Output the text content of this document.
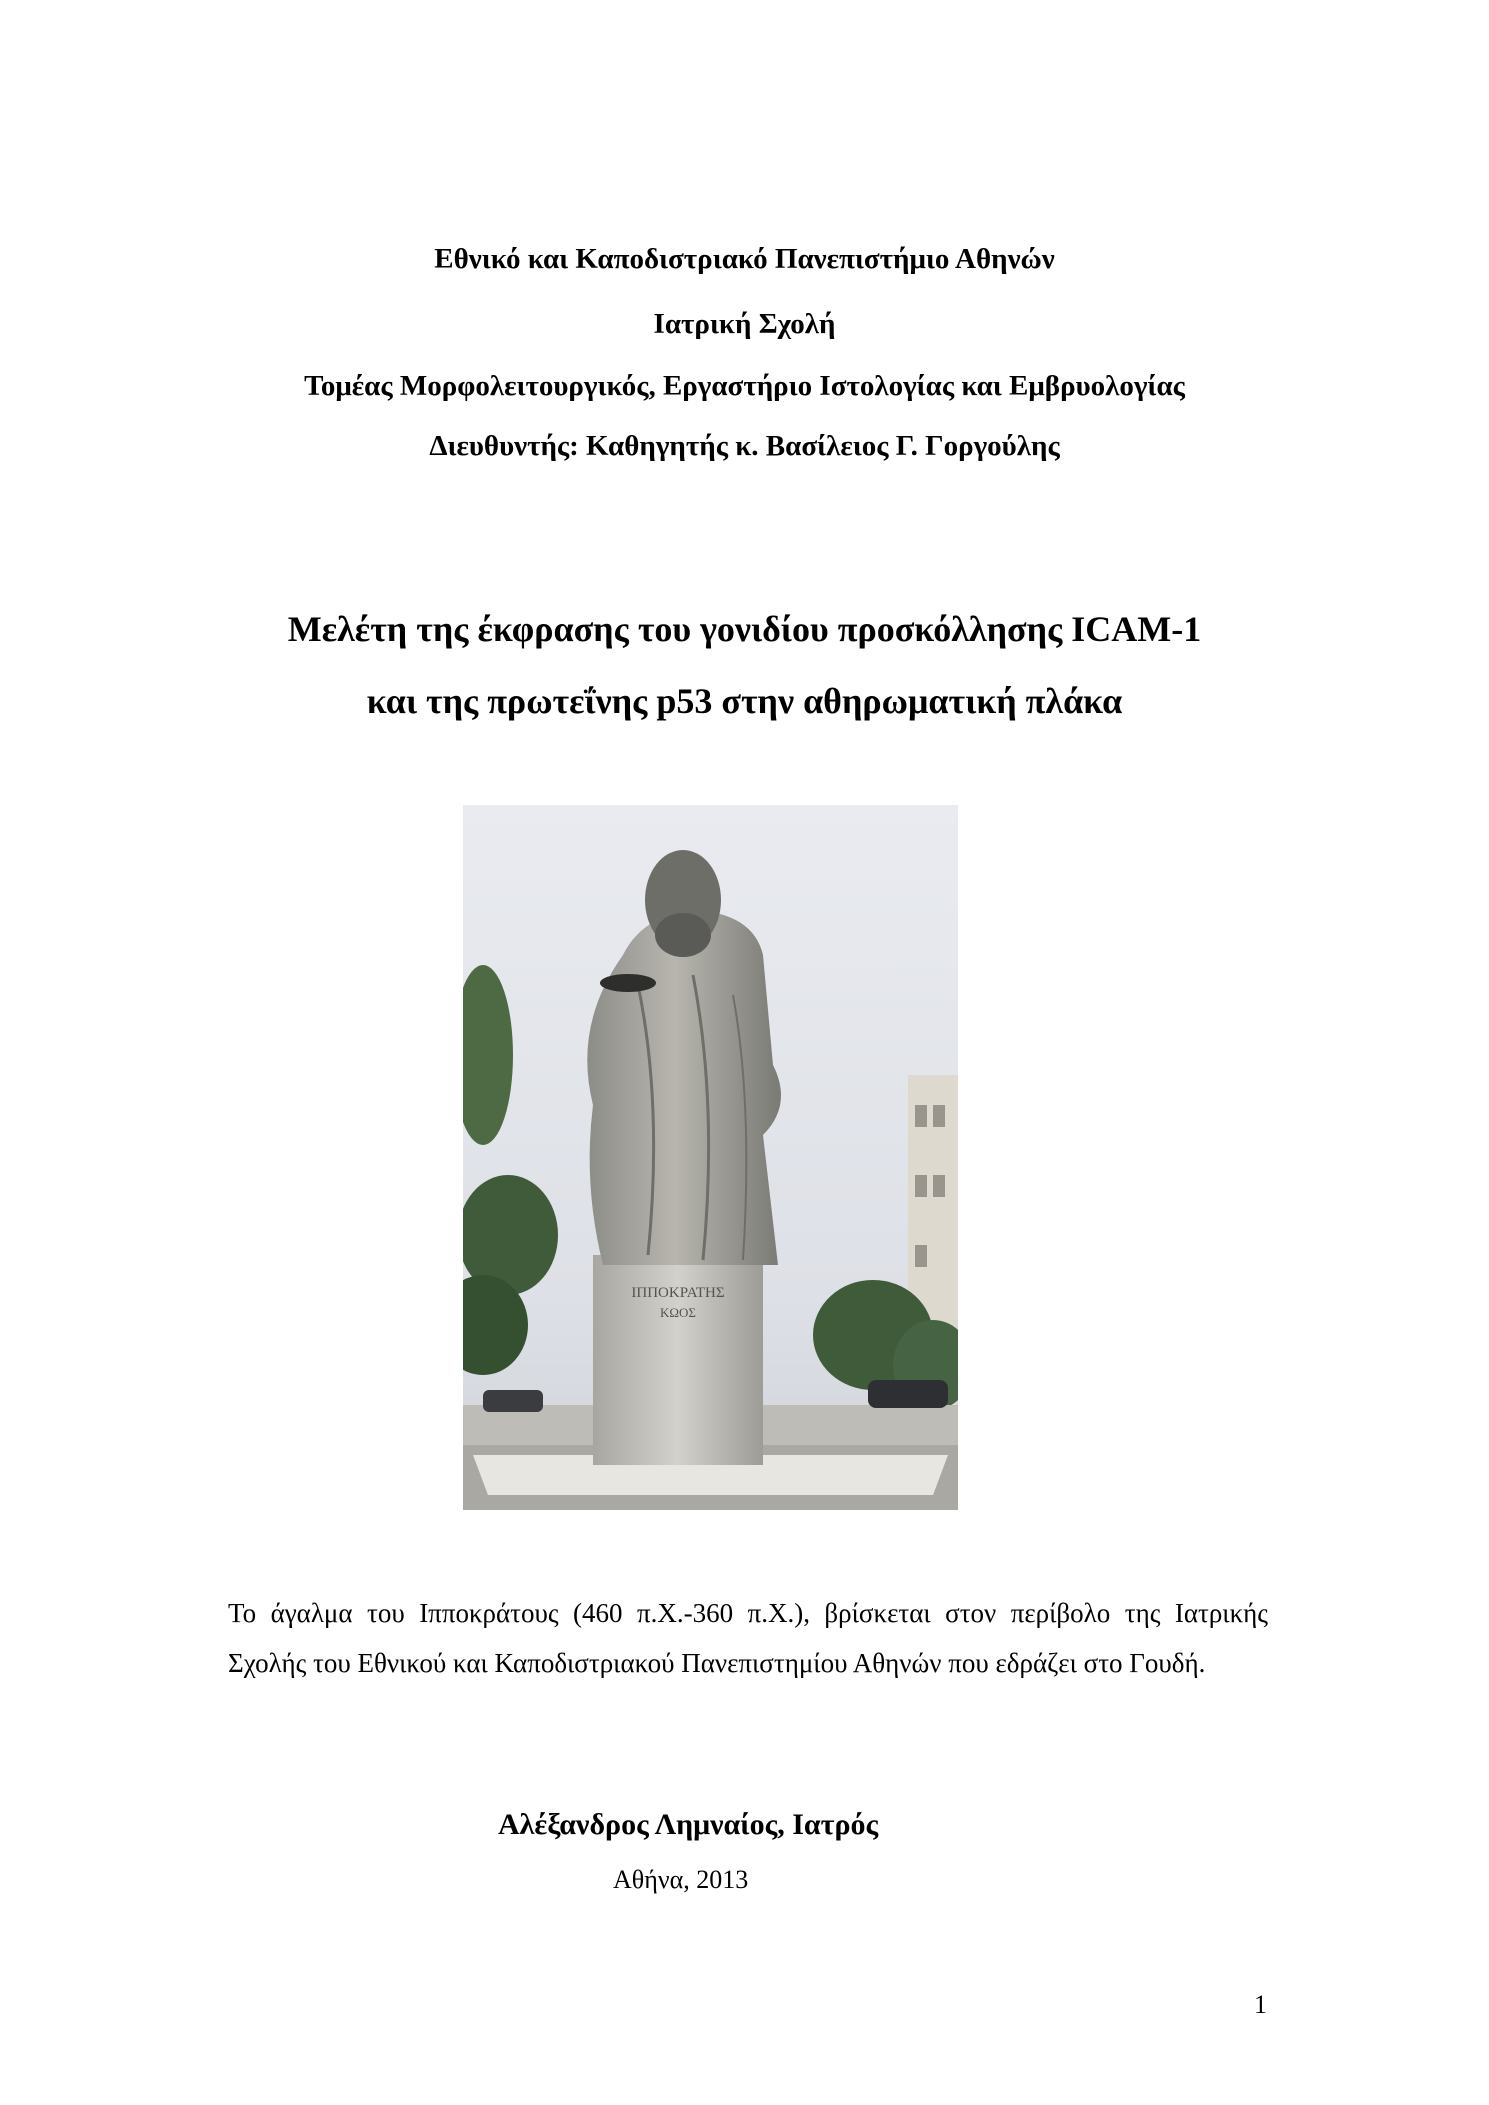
Εθνικό και Καποδιστριακό Πανεπιστήμιο Αθηνών
Ιατρική Σχολή
Τομέας Μορφολειτουργικός, Εργαστήριο Ιστολογίας και Εμβρυολογίας
Διευθυντής: Καθηγητής κ. Βασίλειος Γ. Γοργούλης
Μελέτη της έκφρασης του γονιδίου προσκόλλησης ICAM-1
και της πρωτεΐνης p53 στην αθηρωματική πλάκα
ΙΠΠΟΚΡΑΤΗΣ
ΚΩΟΣ

Το άγαλμα του Ιπποκράτους (460 π.Χ.-360 π.Χ.), βρίσκεται στον περίβολο της Ιατρικής Σχολής του Εθνικού και Καποδιστριακού Πανεπιστημίου Αθηνών που εδράζει στο Γουδή.

Αλέξανδρος Λημναίος, Ιατρός
Αθήνα, 2013
1
